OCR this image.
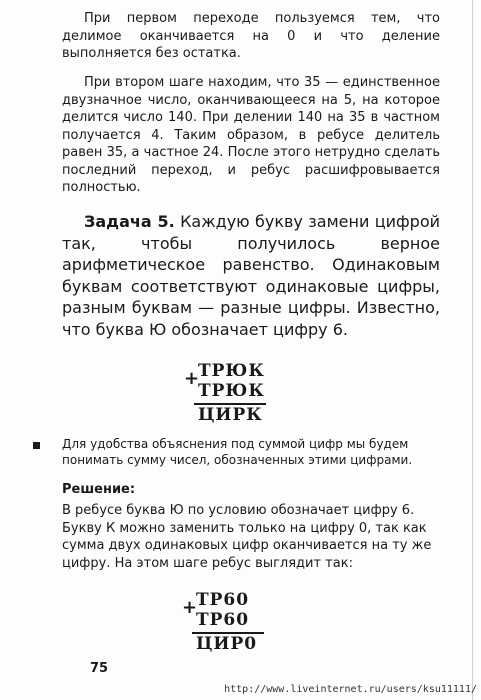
При первом переходе пользуемся тем, что делимое оканчивается на 0 и что деление выполняется без остатка.

При втором шаге находим, что 35 — единственное двузначное число, оканчивающееся на 5, на которое делится число 140. При делении 140 на 35 в частном получается 4. Таким образом, в ребусе делитель равен 35, а частное 24. После этого нетрудно сделать последний переход, и ребус расшифровывается полностью.

Задача 5. Каждую букву замени цифрой так, чтобы получилось верное арифметическое равенство. Одинаковым буквам соответствуют одинаковые цифры, разным буквам — разные цифры. Известно, что буква Ю обозначает цифру 6.

+
ТРЮК
ТРЮК
ЦИРК

Для удобства объяснения под суммой цифр мы будем понимать сумму чисел, обозначенных этими цифрами.

Решение:

В ребусе буква Ю по условию обозначает цифру 6.

Букву К можно заменить только на цифру 0, так как сумма двух одинаковых цифр оканчивается на ту же цифру. На этом шаге ребус выглядит так:

+
ТР60
ТР60
ЦИР0
75
http://www.liveinternet.ru/users/ksu11111/
